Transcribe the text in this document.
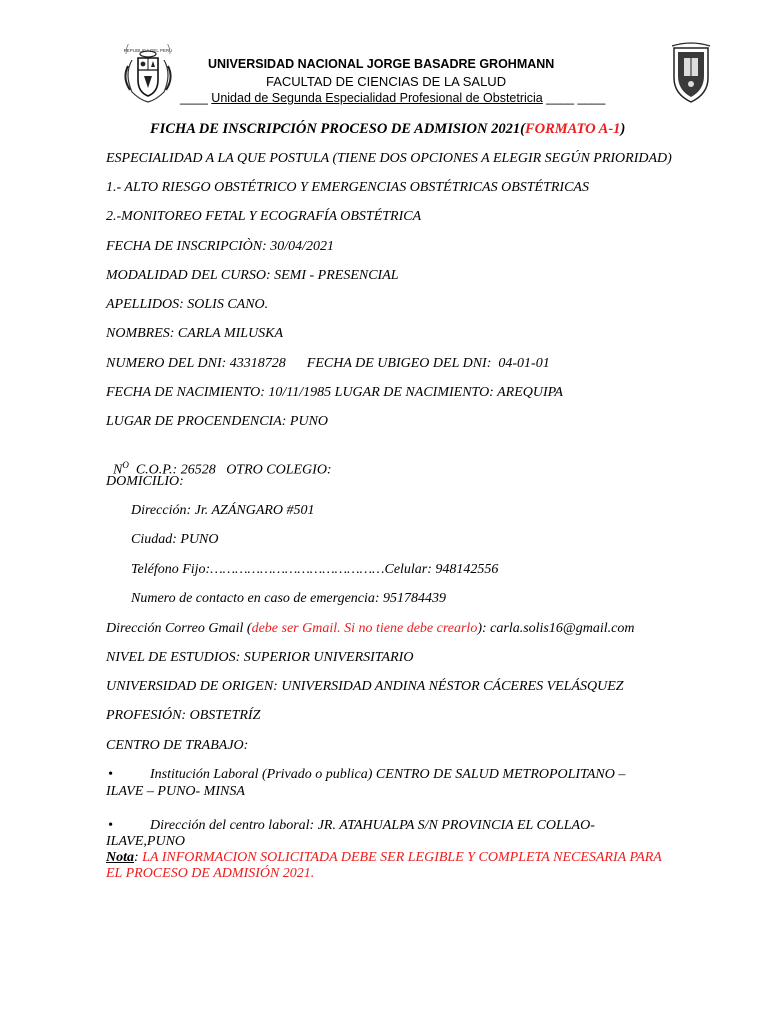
REPUBLICA DEL PERÚ
UNIVERSIDAD NACIONAL JORGE BASADRE GROHMANN
FACULTAD DE CIENCIAS DE LA SALUD
____ Unidad de Segunda Especialidad Profesional de Obstetricia ____ ____
FICHA DE INSCRIPCIÓN PROCESO DE ADMISION 2021(FORMATO A-1)
ESPECIALIDAD A LA QUE POSTULA (TIENE DOS OPCIONES A ELEGIR SEGÚN PRIORIDAD)
1.- ALTO RIESGO OBSTÉTRICO Y EMERGENCIAS OBSTÉTRICAS OBSTÉTRICAS
2.-MONITOREO FETAL Y ECOGRAFÍA OBSTÉTRICA
FECHA DE INSCRIPCIÒN: 30/04/2021
MODALIDAD DEL CURSO: SEMI - PRESENCIAL
APELLIDOS: SOLIS CANO.
NOMBRES: CARLA MILUSKA
NUMERO DEL DNI: 43318728      FECHA DE UBIGEO DEL DNI:  04-01-01
FECHA DE NACIMIENTO: 10/11/1985 LUGAR DE NACIMIENTO: AREQUIPA
LUGAR DE PROCENDENCIA: PUNO

$N^O$  C.O.P.: 26528   OTRO COLEGIO:

DOMICILIO:
Dirección: Jr. AZÁNGARO #501
Ciudad: PUNO
Teléfono Fijo:……………………………………Celular: 948142556
Numero de contacto en caso de emergencia: 951784439
Dirección Correo Gmail (debe ser Gmail. Si no tiene debe crearlo): carla.solis16@gmail.com
NIVEL DE ESTUDIOS: SUPERIOR UNIVERSITARIO
UNIVERSIDAD DE ORIGEN: UNIVERSIDAD ANDINA NÉSTOR CÁCERES VELÁSQUEZ
PROFESIÓN: OBSTETRÍZ
CENTRO DE TRABAJO:
•	Institución Laboral (Privado o publica) CENTRO DE SALUD METROPOLITANO –
ILAVE – PUNO- MINSA
•	Dirección del centro laboral: JR. ATAHUALPA S/N PROVINCIA EL COLLAO-
ILAVE,PUNO
Nota: LA INFORMACION SOLICITADA DEBE SER LEGIBLE Y COMPLETA NECESARIA PARA
EL PROCESO DE ADMISIÓN 2021.
